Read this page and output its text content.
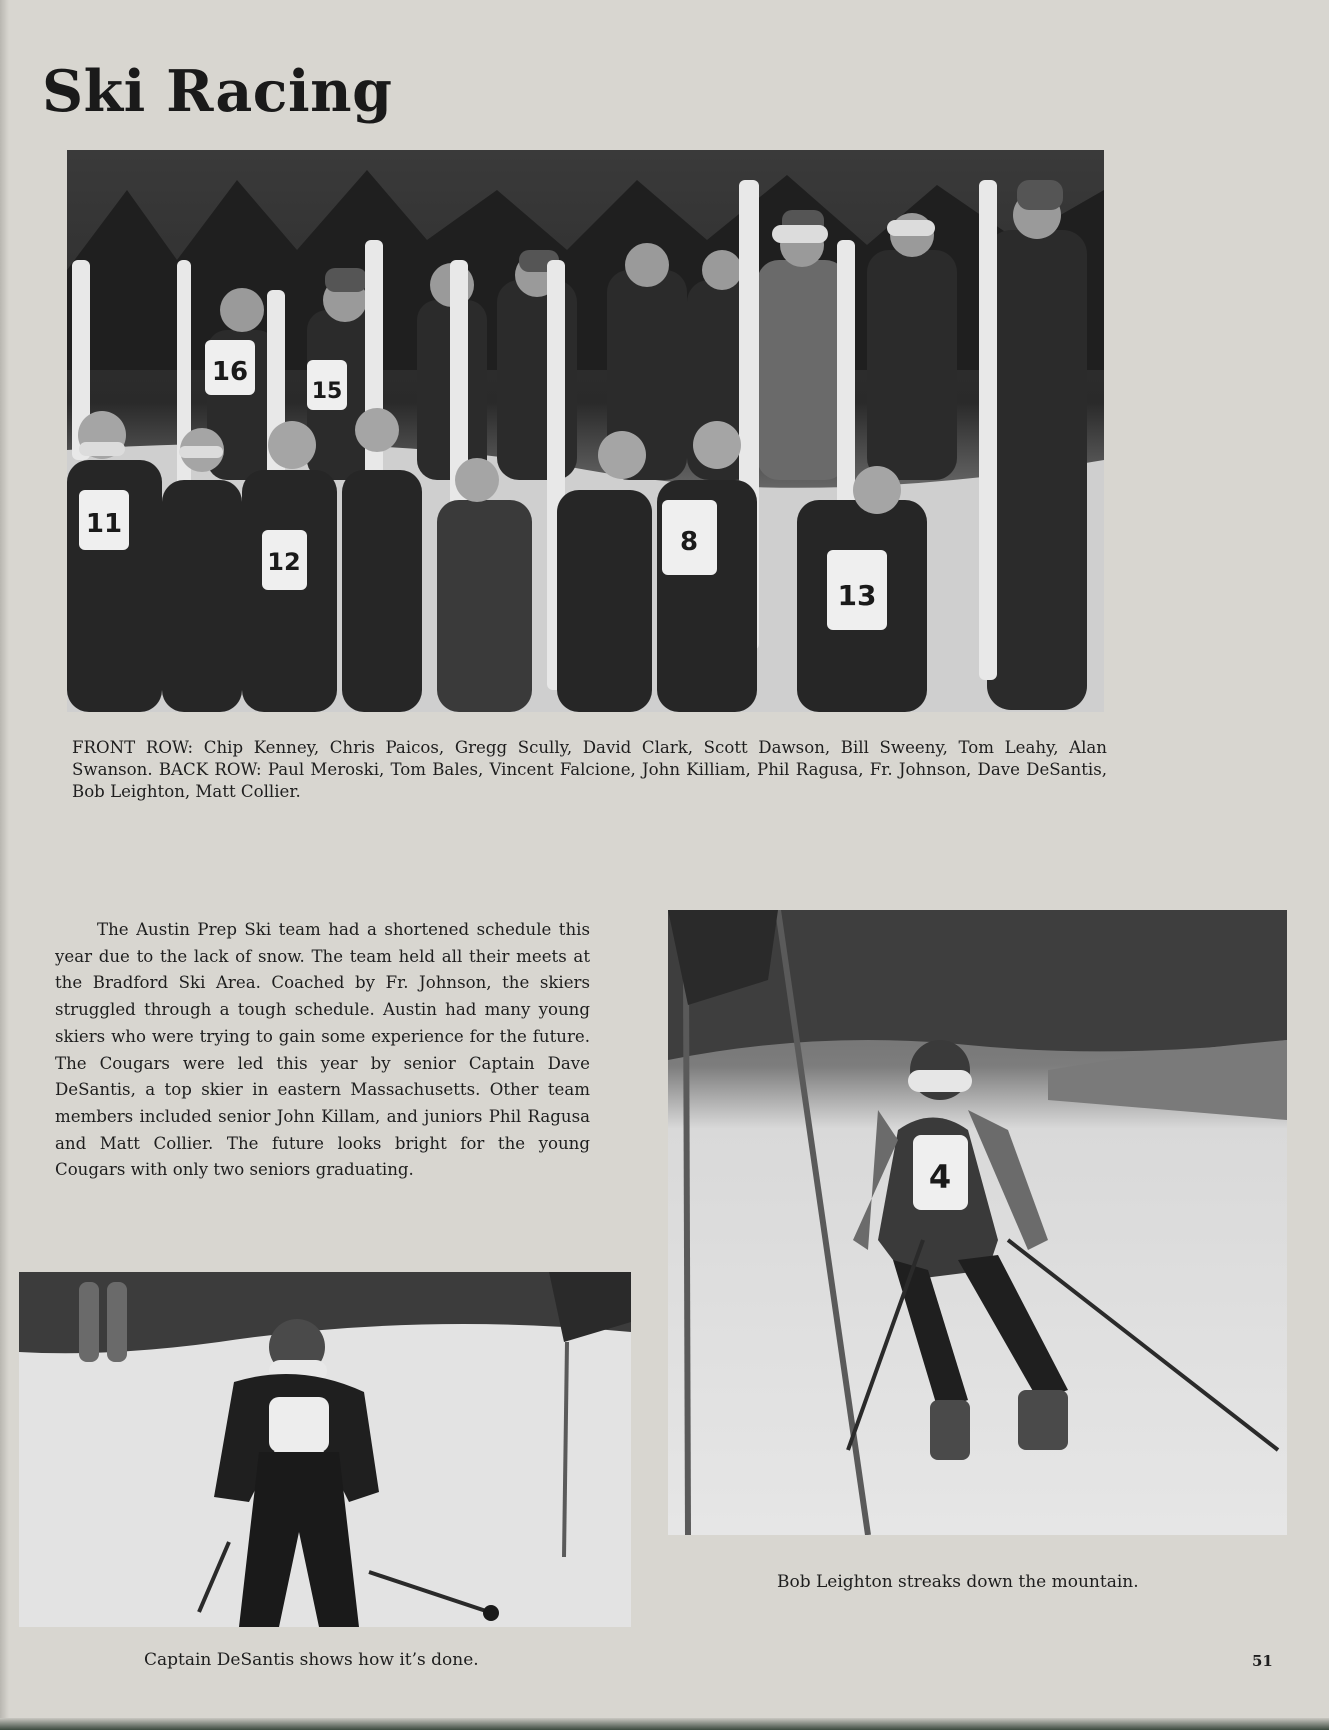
Ski Racing
16
15
11
12
8
13

FRONT ROW: Chip Kenney, Chris Paicos, Gregg Scully, David Clark, Scott Dawson, Bill Sweeny, Tom Leahy, Alan Swanson. BACK ROW: Paul Meroski, Tom Bales, Vincent Falcione, John Killiam, Phil Ragusa, Fr. Johnson, Dave DeSantis, Bob Leighton, Matt Collier.

The Austin Prep Ski team had a shortened schedule this year due to the lack of snow. The team held all their meets at the Bradford Ski Area. Coached by Fr. Johnson, the skiers struggled through a tough schedule. Austin had many young skiers who were trying to gain some experience for the future. The Cougars were led this year by senior Captain Dave DeSantis, a top skier in eastern Massachusetts. Other team members included senior John Killam, and juniors Phil Ragusa and Matt Collier. The future looks bright for the young Cougars with only two seniors graduating.	4

Bob Leighton streaks down the mountain.

Captain DeSantis shows how it’s done.	51
